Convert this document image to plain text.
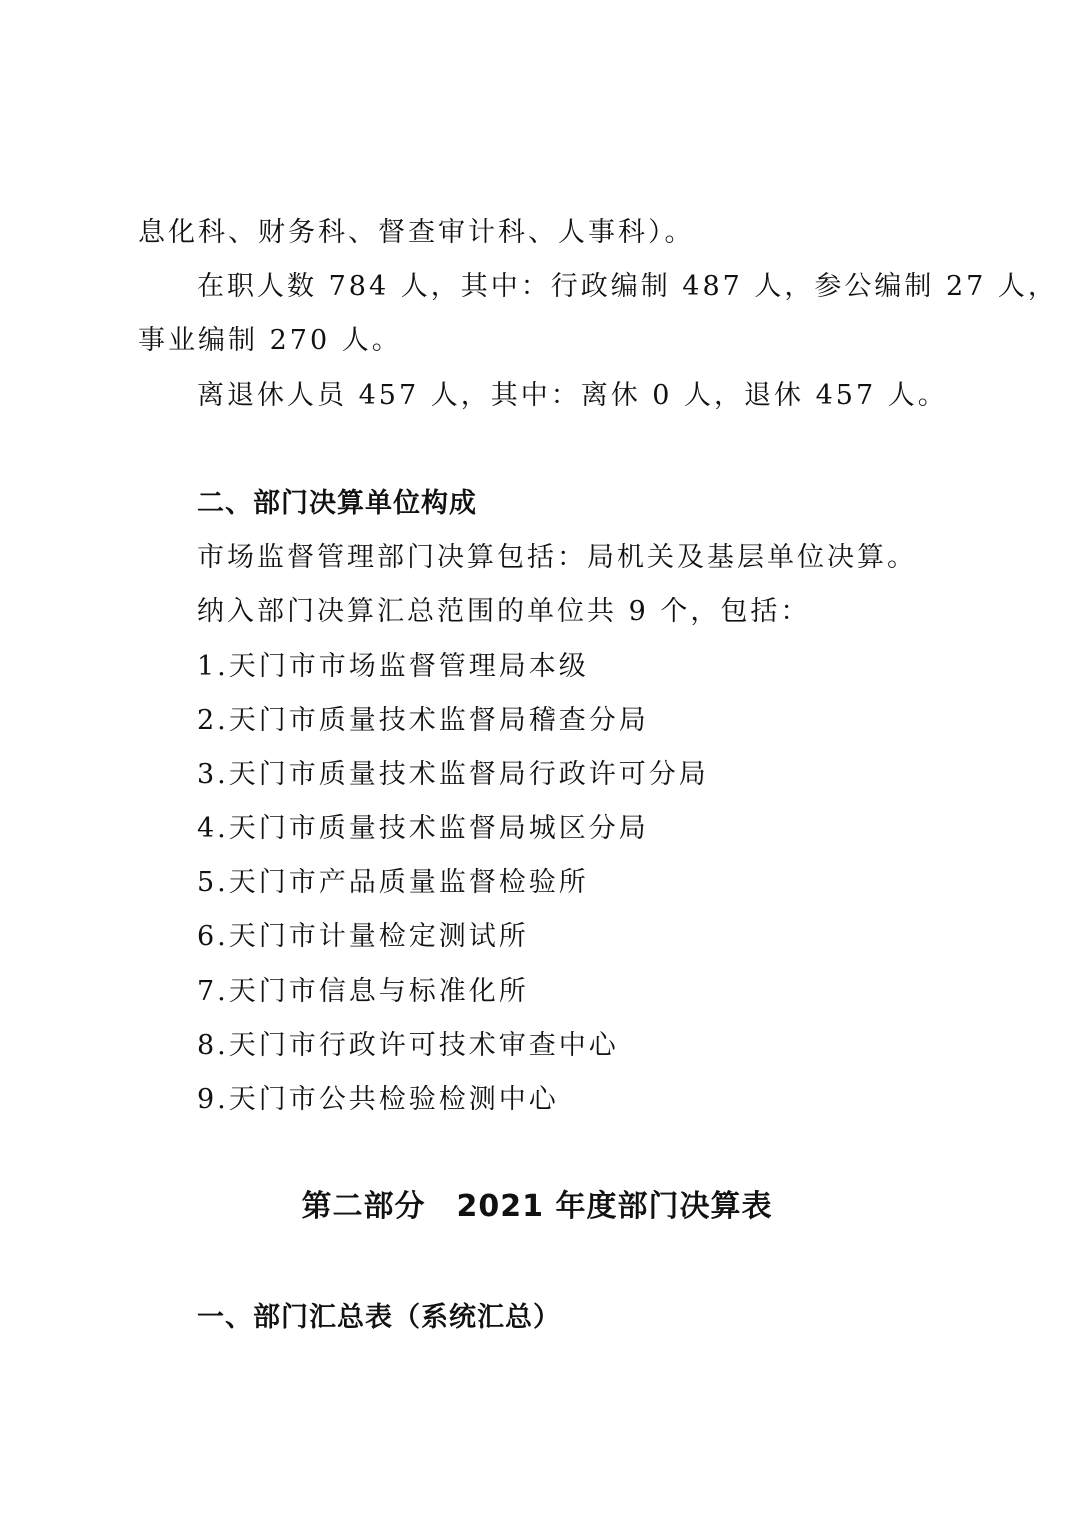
息化科、财务科、督查审计科、人事科）。
在职人数 784 人，其中：行政编制 487 人，参公编制 27 人，
事业编制 270 人。
离退休人员 457 人，其中：离休 0 人，退休 457 人。
二、部门决算单位构成
市场监督管理部门决算包括：局机关及基层单位决算。
纳入部门决算汇总范围的单位共 9 个，包括：
1.天门市市场监督管理局本级
2.天门市质量技术监督局稽查分局
3.天门市质量技术监督局行政许可分局
4.天门市质量技术监督局城区分局
5.天门市产品质量监督检验所
6.天门市计量检定测试所
7.天门市信息与标准化所
8.天门市行政许可技术审查中心
9.天门市公共检验检测中心
第二部分　2021 年度部门决算表
一、部门汇总表（系统汇总）
